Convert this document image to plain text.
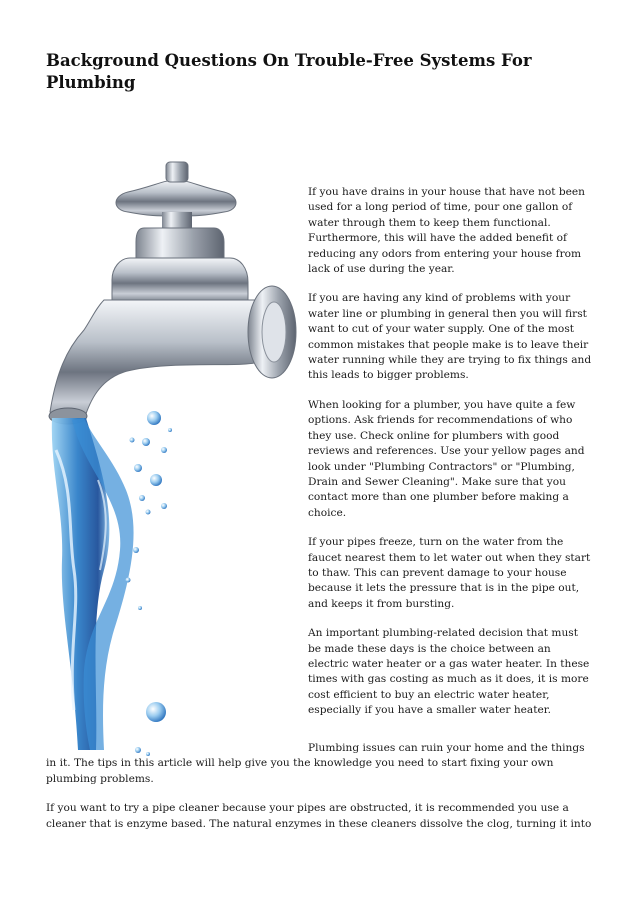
Background Questions On Trouble-Free Systems For Plumbing

If you have drains in your house that have not been used for a long period of time, pour one gallon of water through them to keep them functional. Furthermore, this will have the added benefit of reducing any odors from entering your house from lack of use during the year.

If you are having any kind of problems with your water line or plumbing in general then you will first want to cut of your water supply. One of the most common mistakes that people make is to leave their water running while they are trying to fix things and this leads to bigger problems.

When looking for a plumber, you have quite a few options. Ask friends for recommendations of who they use. Check online for plumbers with good reviews and references. Use your yellow pages and look under "Plumbing Contractors" or "Plumbing, Drain and Sewer Cleaning". Make sure that you contact more than one plumber before making a choice.

If your pipes freeze, turn on the water from the faucet nearest them to let water out when they start to thaw. This can prevent damage to your house because it lets the pressure that is in the pipe out, and keeps it from bursting.

An important plumbing-related decision that must be made these days is the choice between an electric water heater or a gas water heater. In these times with gas costing as much as it does, it is more cost efficient to buy an electric water heater, especially if you have a smaller water heater.

Plumbing issues can ruin your home and the things in it. The tips in this article will help give you the knowledge you need to start fixing your own plumbing problems.

If you want to try a pipe cleaner because your pipes are obstructed, it is recommended you use a cleaner that is enzyme based. The natural enzymes in these cleaners dissolve the clog, turning it into
